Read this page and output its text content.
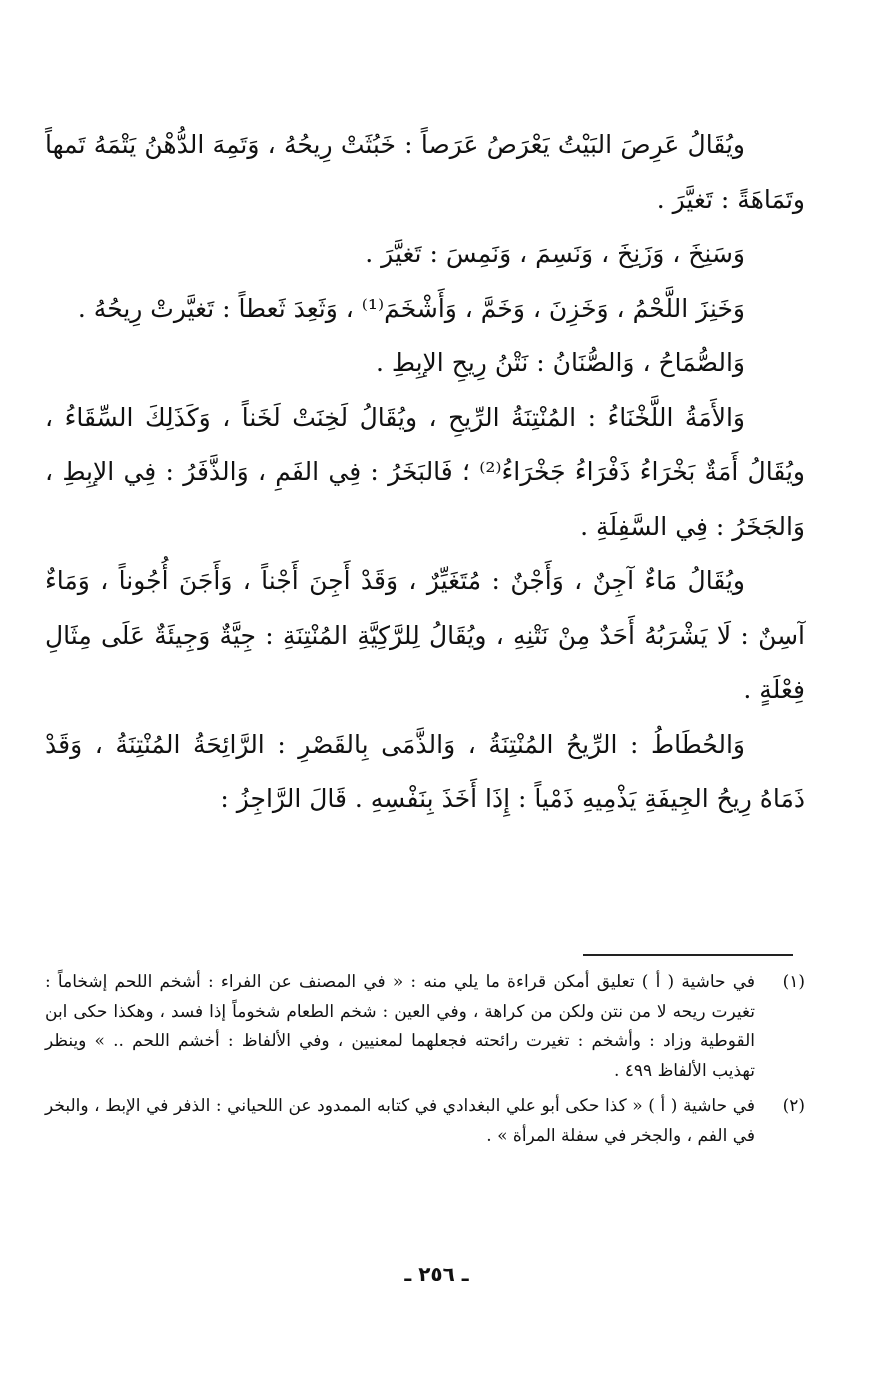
ويُقَالُ عَرِصَ البَيْتُ يَعْرَصُ عَرَصاً : خَبُثَتْ رِيحُهُ ، وَتَمِهَ الدُّهْنُ يَتْمَهُ تَمهاً وتَمَاهَةً : تَغيَّرَ .

وَسَنِخَ ، وَزَنِخَ ، وَنَسِمَ ، وَنَمِسَ : تَغيَّرَ .

وَخَنِزَ اللَّحْمُ ، وَخَزِنَ ، وَخَمَّ ، وَأَشْخَمَ⁽¹⁾ ، وَثَعِدَ ثَعطاً : تَغيَّرتْ رِيحُهُ .

وَالصُّمَاحُ ، وَالصُّنَانُ : نَتْنُ رِيحِ الإبِطِ .

وَالأَمَةُ اللَّخْنَاءُ : المُنْتِنَةُ الرِّيحِ ، ويُقَالُ لَخِنَتْ لَخَناً ، وَكَذَلِكَ السِّقَاءُ ، ويُقَالُ أَمَةٌ بَخْرَاءُ ذَفْرَاءُ جَخْرَاءُ⁽²⁾ ؛ فَالبَخَرُ : فِي الفَمِ ، وَالذَّفَرُ : فِي الإبِطِ ، وَالجَخَرُ : فِي السَّفِلَةِ .

ويُقَالُ مَاءٌ آجِنٌ ، وَأَجْنٌ : مُتَغَيِّرٌ ، وَقَدْ أَجِنَ أَجْناً ، وَأَجَنَ أُجُوناً ، وَمَاءٌ آسِنٌ : لَا يَشْرَبُهُ أَحَدٌ مِنْ نَتْنِهِ ، ويُقَالُ لِلرَّكِيَّةِ المُنْتِنَةِ : جِيَّةٌ وَجِيئَةٌ عَلَى مِثَالِ فِعْلَةٍ .

وَالحُطَاطُ : الرِّيحُ المُنْتِنَةُ ، وَالذَّمَى بِالقَصْرِ : الرَّائِحَةُ المُنْتِنَةُ ، وَقَدْ ذَمَاهُ رِيحُ الجِيفَةِ يَذْمِيهِ ذَمْياً : إِذَا أَخَذَ بِنَفْسِهِ . قَالَ الرَّاجِزُ :

(١)
في حاشية ( أ ) تعليق أمكن قراءة ما يلي منه : « في المصنف عن الفراء : أشخم اللحم إشخاماً : تغيرت ريحه لا من نتن ولكن من كراهة ، وفي العين : شخم الطعام شخوماً إذا فسد ، وهكذا حكى ابن القوطية وزاد : وأشخم : تغيرت رائحته فجعلهما لمعنيين ، وفي الألفاظ : أخشم اللحم .. » وينظر تهذيب الألفاظ ٤٩٩ .
(٢)
في حاشية ( أ ) « كذا حكى أبو علي البغدادي في كتابه الممدود عن اللحياني : الذفر في الإبط ، والبخر في الفم ، والجخر في سفلة المرأة » .
ـ ٢٥٦ ـ
